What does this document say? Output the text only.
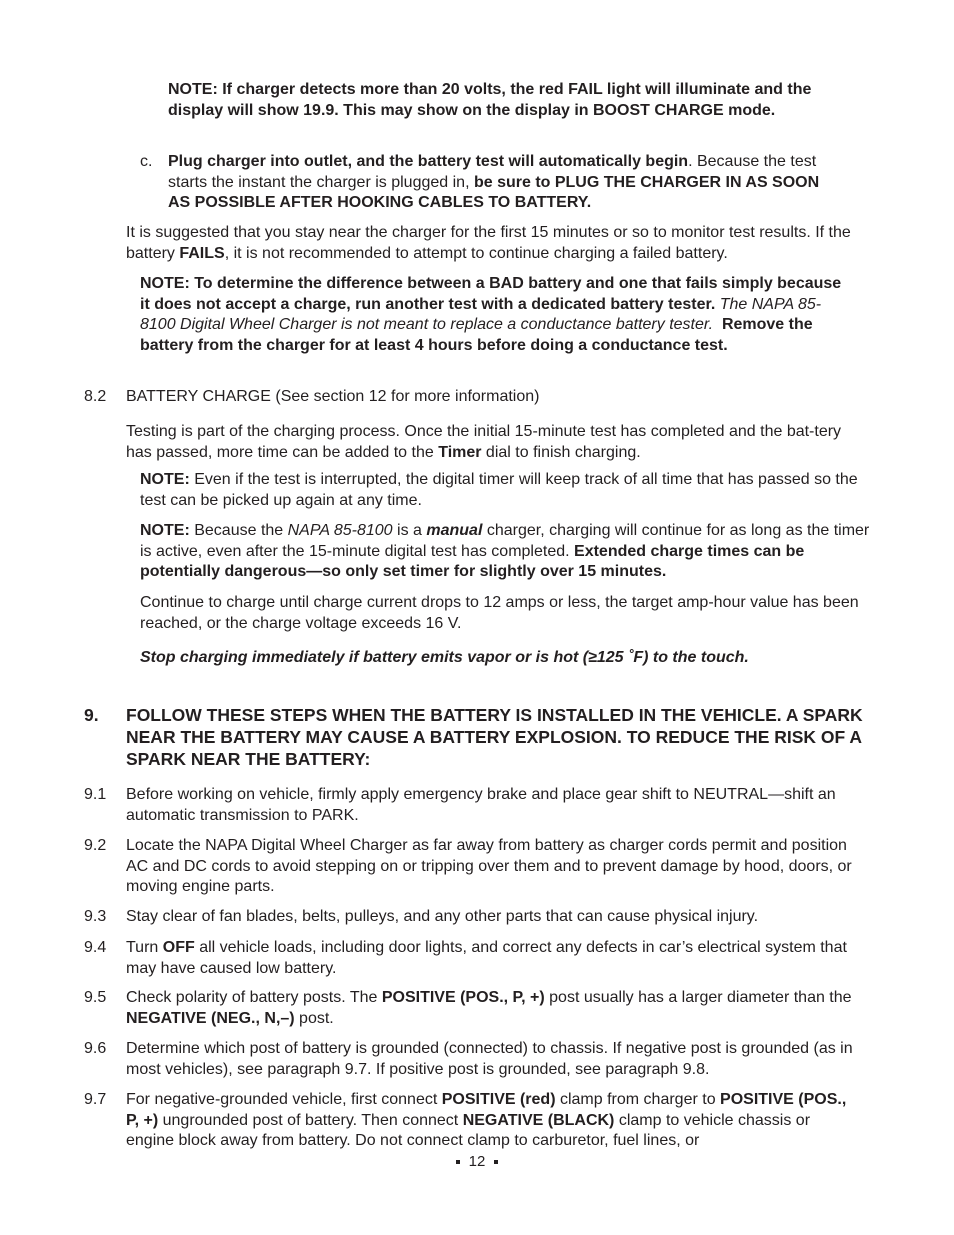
NOTE: If charger detects more than 20 volts, the red FAIL light will illuminate and the display will show 19.9. This may show on the display in BOOST CHARGE mode.

c. Plug charger into outlet, and the battery test will automatically begin. Because the test starts the instant the charger is plugged in, be sure to PLUG THE CHARGER IN AS SOON AS POSSIBLE AFTER HOOKING CABLES TO BATTERY.

It is suggested that you stay near the charger for the first 15 minutes or so to monitor test results. If the battery FAILS, it is not recommended to attempt to continue charging a failed battery.

NOTE: To determine the difference between a BAD battery and one that fails simply because it does not accept a charge, run another test with a dedicated battery tester. The NAPA 85-8100 Digital Wheel Charger is not meant to replace a conductance battery tester. Remove the battery from the charger for at least 4 hours before doing a conductance test.

8.2 BATTERY CHARGE (See section 12 for more information)

Testing is part of the charging process. Once the initial 15-minute test has completed and the bat-tery has passed, more time can be added to the Timer dial to finish charging.

NOTE: Even if the test is interrupted, the digital timer will keep track of all time that has passed so the test can be picked up again at any time.

NOTE: Because the NAPA 85-8100 is a manual charger, charging will continue for as long as the timer is active, even after the 15-minute digital test has completed. Extended charge times can be potentially dangerous—so only set timer for slightly over 15 minutes.

Continue to charge until charge current drops to 12 amps or less, the target amp-hour value has been reached, or the charge voltage exceeds 16 V.

Stop charging immediately if battery emits vapor or is hot (≥125 ˚F) to the touch.

9. FOLLOW THESE STEPS WHEN THE BATTERY IS INSTALLED IN THE VEHICLE. A SPARK NEAR THE BATTERY MAY CAUSE A BATTERY EXPLOSION. TO REDUCE THE RISK OF A SPARK NEAR THE BATTERY:

9.1 Before working on vehicle, firmly apply emergency brake and place gear shift to NEUTRAL—shift an automatic transmission to PARK.

9.2 Locate the NAPA Digital Wheel Charger as far away from battery as charger cords permit and position AC and DC cords to avoid stepping on or tripping over them and to prevent damage by hood, doors, or moving engine parts.

9.3 Stay clear of fan blades, belts, pulleys, and any other parts that can cause physical injury.

9.4 Turn OFF all vehicle loads, including door lights, and correct any defects in car’s electrical system that may have caused low battery.

9.5 Check polarity of battery posts. The POSITIVE (POS., P, +) post usually has a larger diameter than the NEGATIVE (NEG., N,–) post.

9.6 Determine which post of battery is grounded (connected) to chassis. If negative post is grounded (as in most vehicles), see paragraph 9.7. If positive post is grounded, see paragraph 9.8.

9.7 For negative-grounded vehicle, first connect POSITIVE (red) clamp from charger to POSITIVE (POS., P, +) ungrounded post of battery. Then connect NEGATIVE (BLACK) clamp to vehicle chassis or engine block away from battery. Do not connect clamp to carburetor, fuel lines, or

12
